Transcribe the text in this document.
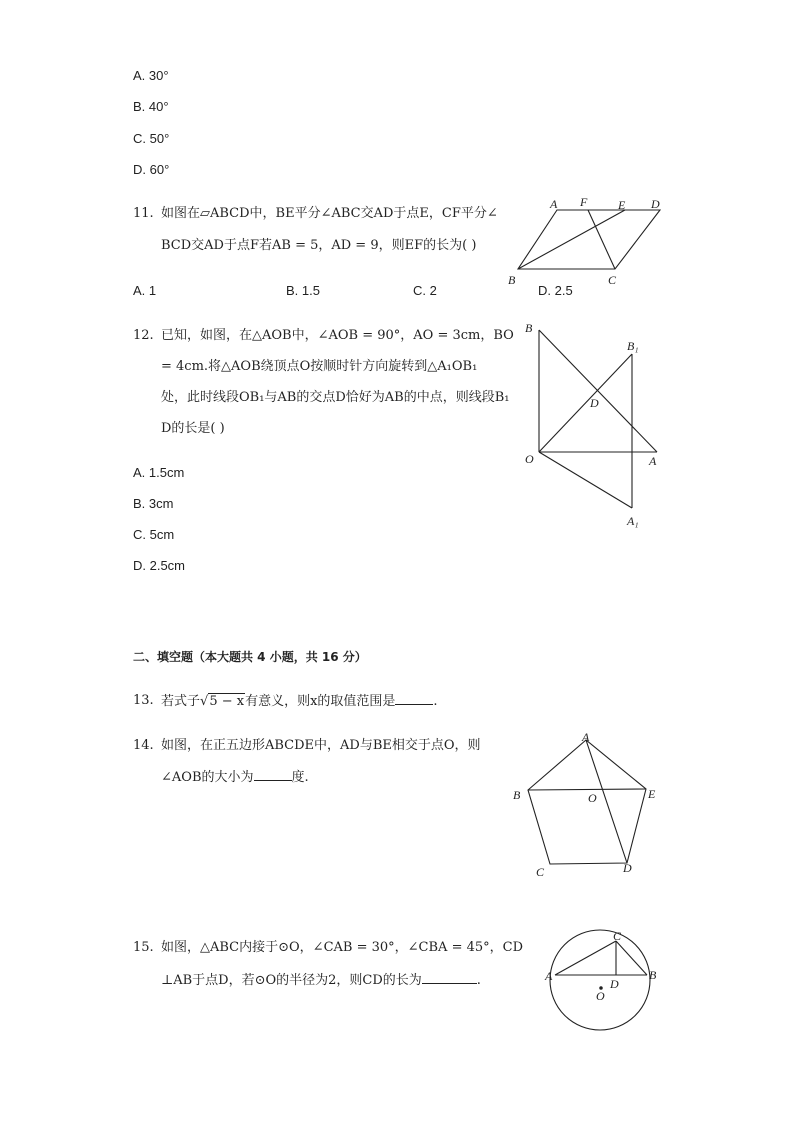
A. 30°
B. 40°
C. 50°
D. 60°
11. 如图在▱ABCD中，BE平分∠ABC交AD于点E，CF平分∠
BCD交AD于点F若AB = 5，AD = 9，则EF的长为( )
A. 1	B. 1.5	C. 2	D. 2.5
A F	E D
B	C
12. 已知，如图，在△AOB中，∠AOB = 90°，AO = 3cm，BO
= 4cm.将△AOB绕顶点O按顺时针方向旋转到△A₁OB₁
处，此时线段OB₁与AB的交点D恰好为AB的中点，则线段B₁
D的长是( )
A. 1.5cm
B. 3cm
C. 5cm
D. 2.5cm
B
B₁
D
O	A
A₁
二、填空题（本大题共 4 小题，共 16 分）
13. 若式子√5 − x有意义，则x的取值范围是	.
14. 如图，在正五边形ABCDE中，AD与BE相交于点O，则
∠AOB的大小为	度.
A
B	O	E
C	D
15. 如图，△ABC内接于⊙O，∠CAB = 30°，∠CBA = 45°，CD
⊥AB于点D，若⊙O的半径为2，则CD的长为	.
C
A	B
D
O
